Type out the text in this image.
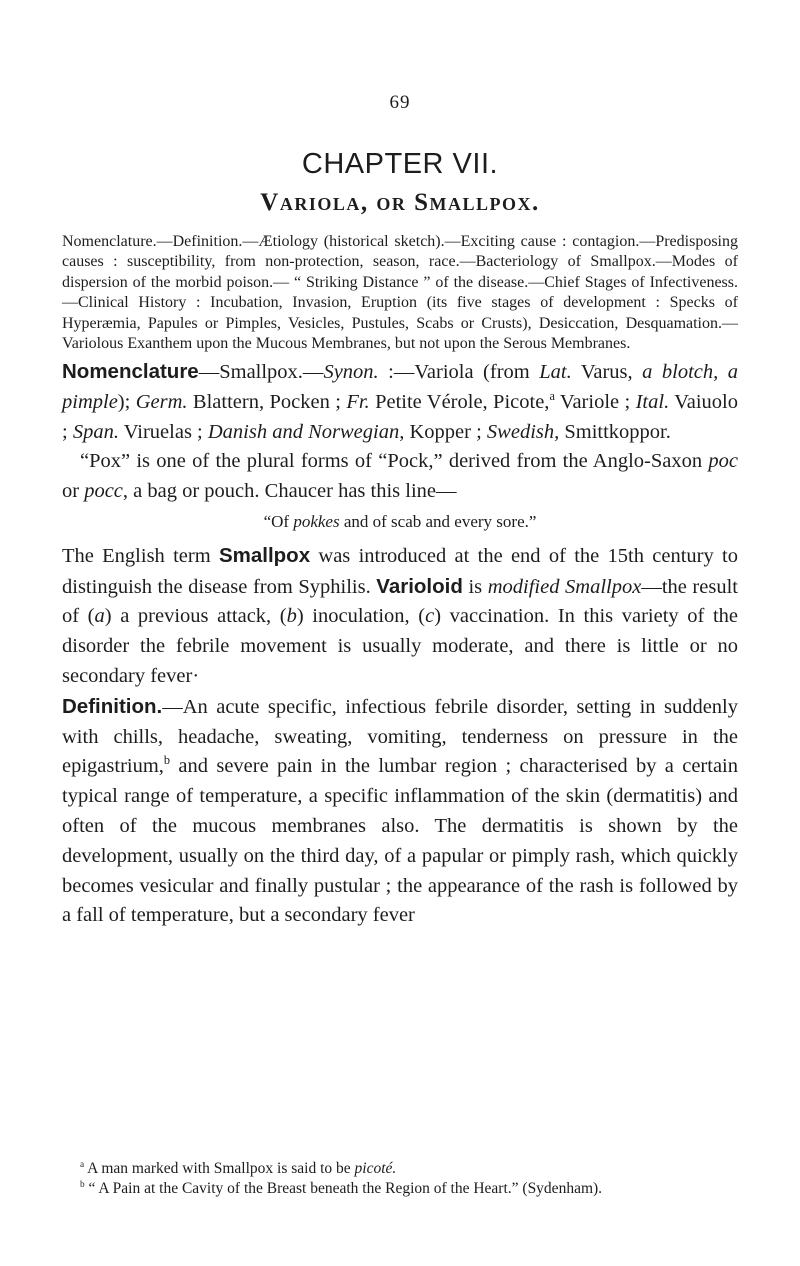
69
CHAPTER VII.
Variola, or Smallpox.
Nomenclature.—Definition.—Ætiology (historical sketch).—Exciting cause : contagion.—Predisposing causes : susceptibility, from non-protection, season, race.—Bacteriology of Smallpox.—Modes of dispersion of the morbid poison.— “ Striking Distance ” of the disease.—Chief Stages of Infectiveness.—Clinical History : Incubation, Invasion, Eruption (its five stages of development : Specks of Hyperæmia, Papules or Pimples, Vesicles, Pustules, Scabs or Crusts), Desiccation, Desquamation.—Variolous Exanthem upon the Mucous Membranes, but not upon the Serous Membranes.

Nomenclature—Smallpox.—Synon. :—Variola (from Lat. Varus, a blotch, a pimple); Germ. Blattern, Pocken ; Fr. Petite Vérole, Picote,$^a$ Variole ; Ital. Vaiuolo ; Span. Viruelas ; Danish and Norwegian, Kopper ; Swedish, Smittkoppor.

“Pox” is one of the plural forms of “Pock,” derived from the Anglo-Saxon poc or pocc, a bag or pouch. Chaucer has this line—

“Of pokkes and of scab and every sore.”

The English term Smallpox was introduced at the end of the 15th century to distinguish the disease from Syphilis. Varioloid is modified Smallpox—the result of (a) a previous attack, (b) inoculation, (c) vaccination. In this variety of the disorder the febrile movement is usually moderate, and there is little or no secondary fever·

Definition.—An acute specific, infectious febrile disorder, setting in suddenly with chills, headache, sweating, vomiting, tenderness on pressure in the epigastrium,$^b$ and severe pain in the lumbar region ; characterised by a certain typical range of temperature, a specific inflammation of the skin (dermatitis) and often of the mucous membranes also. The dermatitis is shown by the development, usually on the third day, of a papular or pimply rash, which quickly becomes vesicular and finally pustular ; the appearance of the rash is followed by a fall of temperature, but a secondary fever

$^a$ A man marked with Smallpox is said to be picoté.

$^b$ “ A Pain at the Cavity of the Breast beneath the Region of the Heart.” (Sydenham).
